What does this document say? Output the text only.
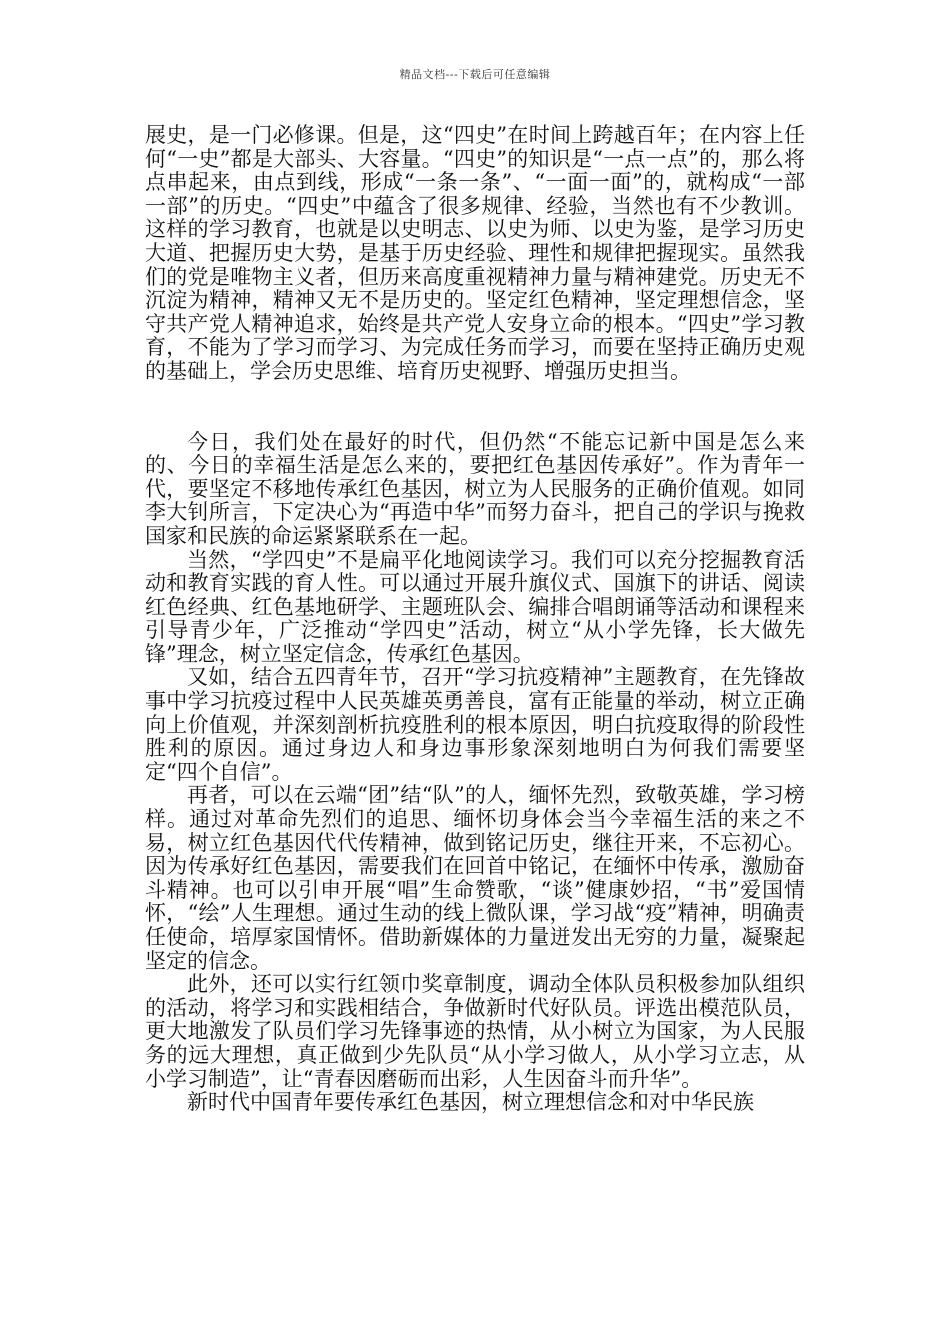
精品文档---下载后可任意编辑

展史，是一门必修课。但是，这“四史”在时间上跨越百年；在内容上任何“一史”都是大部头、大容量。“四史”的知识是“一点一点”的，那么将点串起来，由点到线，形成“一条一条”、“一面一面”的，就构成“一部一部”的历史。“四史”中蕴含了很多规律、经验，当然也有不少教训。这样的学习教育，也就是以史明志、以史为师、以史为鉴，是学习历史大道、把握历史大势，是基于历史经验、理性和规律把握现实。虽然我们的党是唯物主义者，但历来高度重视精神力量与精神建党。历史无不沉淀为精神，精神又无不是历史的。坚定红色精神，坚定理想信念，坚守共产党人精神追求，始终是共产党人安身立命的根本。“四史”学习教育，不能为了学习而学习、为完成任务而学习，而要在坚持正确历史观的基础上，学会历史思维、培育历史视野、增强历史担当。

今日，我们处在最好的时代，但仍然“不能忘记新中国是怎么来的、今日的幸福生活是怎么来的，要把红色基因传承好”。作为青年一代，要坚定不移地传承红色基因，树立为人民服务的正确价值观。如同李大钊所言，下定决心为“再造中华”而努力奋斗，把自己的学识与挽救国家和民族的命运紧紧联系在一起。

当然，“学四史”不是扁平化地阅读学习。我们可以充分挖掘教育活动和教育实践的育人性。可以通过开展升旗仪式、国旗下的讲话、阅读红色经典、红色基地研学、主题班队会、编排合唱朗诵等活动和课程来引导青少年，广泛推动“学四史”活动，树立“从小学先锋，长大做先锋”理念，树立坚定信念，传承红色基因。

又如，结合五四青年节，召开“学习抗疫精神”主题教育，在先锋故事中学习抗疫过程中人民英雄英勇善良，富有正能量的举动，树立正确向上价值观，并深刻剖析抗疫胜利的根本原因，明白抗疫取得的阶段性胜利的原因。通过身边人和身边事形象深刻地明白为何我们需要坚定“四个自信”。

再者，可以在云端“团”结“队”的人，缅怀先烈，致敬英雄，学习榜样。通过对革命先烈们的追思、缅怀切身体会当今幸福生活的来之不易，树立红色基因代代传精神，做到铭记历史，继往开来，不忘初心。因为传承好红色基因，需要我们在回首中铭记，在缅怀中传承，激励奋斗精神。也可以引申开展“唱”生命赞歌，“谈”健康妙招，“书”爱国情怀，“绘”人生理想。通过生动的线上微队课，学习战“疫”精神，明确责任使命，培厚家国情怀。借助新媒体的力量迸发出无穷的力量，凝聚起坚定的信念。

此外，还可以实行红领巾奖章制度，调动全体队员积极参加队组织的活动，将学习和实践相结合，争做新时代好队员。评选出模范队员，更大地激发了队员们学习先锋事迹的热情，从小树立为国家，为人民服务的远大理想，真正做到少先队员“从小学习做人，从小学习立志，从小学习制造”，让“青春因磨砺而出彩，人生因奋斗而升华”。

新时代中国青年要传承红色基因，树立理想信念和对中华民族
